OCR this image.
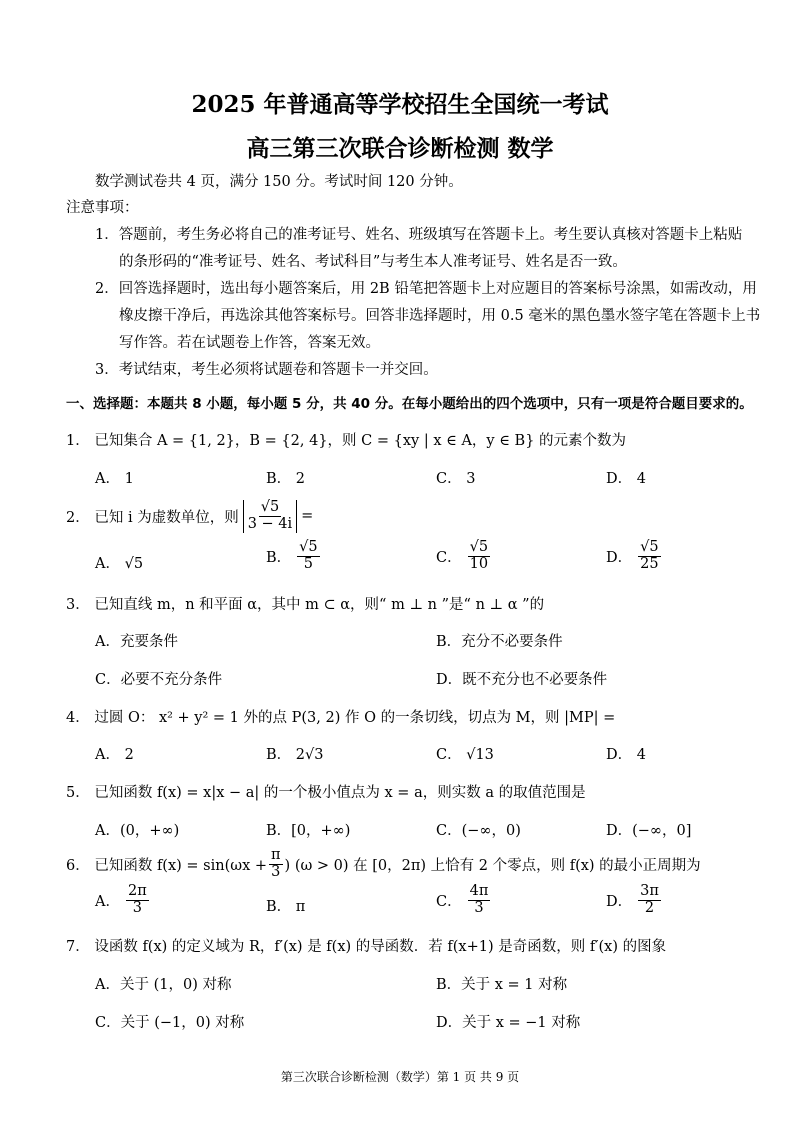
2025 年普通高等学校招生全国统一考试
高三第三次联合诊断检测 数学
数学测试卷共 4 页，满分 150 分。考试时间 120 分钟。
注意事项：
1．答题前，考生务必将自己的准考证号、姓名、班级填写在答题卡上。考生要认真核对答题卡上粘贴
的条形码的“准考证号、姓名、考试科目”与考生本人准考证号、姓名是否一致。
2．回答选择题时，选出每小题答案后，用 2B 铅笔把答题卡上对应题目的答案标号涂黑，如需改动，用
橡皮擦干净后，再选涂其他答案标号。回答非选择题时，用 0.5 毫米的黑色墨水签字笔在答题卡上书
写作答。若在试题卷上作答，答案无效。
3．考试结束，考生必须将试题卷和答题卡一并交回。
一、选择题：本题共 8 小题，每小题 5 分，共 40 分。在每小题给出的四个选项中，只有一项是符合题目要求的。
1． 已知集合 A = {1, 2}，B = {2, 4}，则 C = {xy | x ∈ A，y ∈ B} 的元素个数为
A． 1	B． 2	C． 3	D． 4
2． 已知 i 为虚数单位，则 $\frac{√5}{3 - 4i}$ =
A． √5	B． $\frac{√5}{5}$	C． $\frac{√5}{10}$	D． $\frac{√5}{25}$
3． 已知直线 m，n 和平面 α，其中 m ⊂ α，则“ m ⊥ n ”是“ n ⊥ α ”的
A．充要条件	B．充分不必要条件
C．必要不充分条件	D．既不充分也不必要条件
4． 过圆 O： x² + y² = 1 外的点 P(3, 2) 作 O 的一条切线，切点为 M，则 |MP| =
A． 2	B． 2√3	C． √13	D． 4
5． 已知函数 f(x) = x|x − a| 的一个极小值点为 x = a，则实数 a 的取值范围是
A．(0，+∞)	B．[0，+∞)	C．(−∞，0)	D．(−∞，0]
6． 已知函数 $f(x) = \sin(\omega x + \frac{\pi}{3}$ ) (ω > 0) 在 [0，2π) 上恰有 2 个零点，则 f(x) 的最小正周期为
A． $\frac{2\pi}{3}$	B． π	C． $\frac{4\pi}{3}$	D． $\frac{3\pi}{2}$
7． 设函数 f(x) 的定义域为 R，f′(x) 是 f(x) 的导函数．若 f(x+1) 是奇函数，则 f′(x) 的图象
A．关于 (1，0) 对称	B．关于 x = 1 对称
C．关于 (−1，0) 对称	D．关于 x = −1 对称
第三次联合诊断检测（数学）第 1 页 共 9 页
